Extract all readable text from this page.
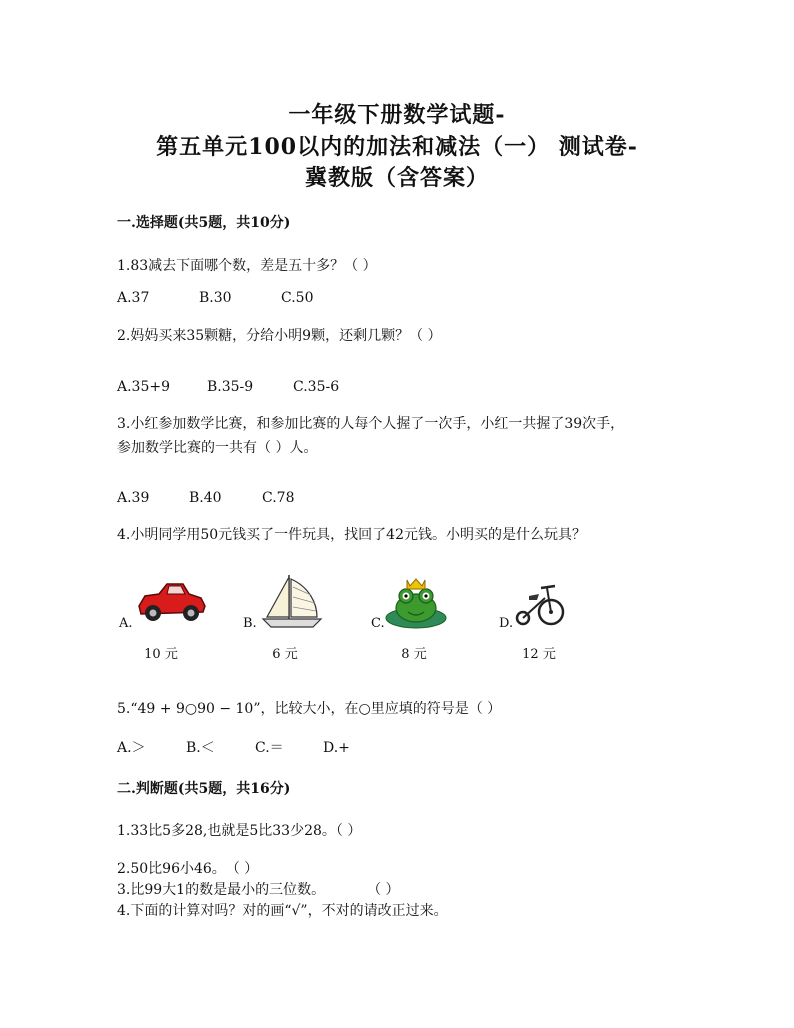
一年级下册数学试题-
第五单元100以内的加法和减法（一） 测试卷-
冀教版（含答案）
一.选择题(共5题，共10分)
1.83减去下面哪个数，差是五十多？（ ）
A.37	B.30	C.50
2.妈妈买来35颗糖，分给小明9颗，还剩几颗？（ ）
A.35+9	B.35-9	C.35-6
3.小红参加数学比赛，和参加比赛的人每个人握了一次手，小红一共握了39次手，
参加数学比赛的一共有（ ）人。
A.39	B.40	C.78
4.小明同学用50元钱买了一件玩具，找回了42元钱。小明买的是什么玩具？
A.
10 元
B.
6 元
C.
8 元
D.
12 元
5.“49 + 9○90 − 10”，比较大小，在○里应填的符号是（ ）
A.＞	B.＜	C.＝	D.+
二.判断题(共5题，共16分)
1.33比5多28,也就是5比33少28。（ ）
2.50比96小46。　（ ）
3.比99大1的数是最小的三位数。　　　　（ ）
4.下面的计算对吗？对的画“√”，不对的请改正过来。
